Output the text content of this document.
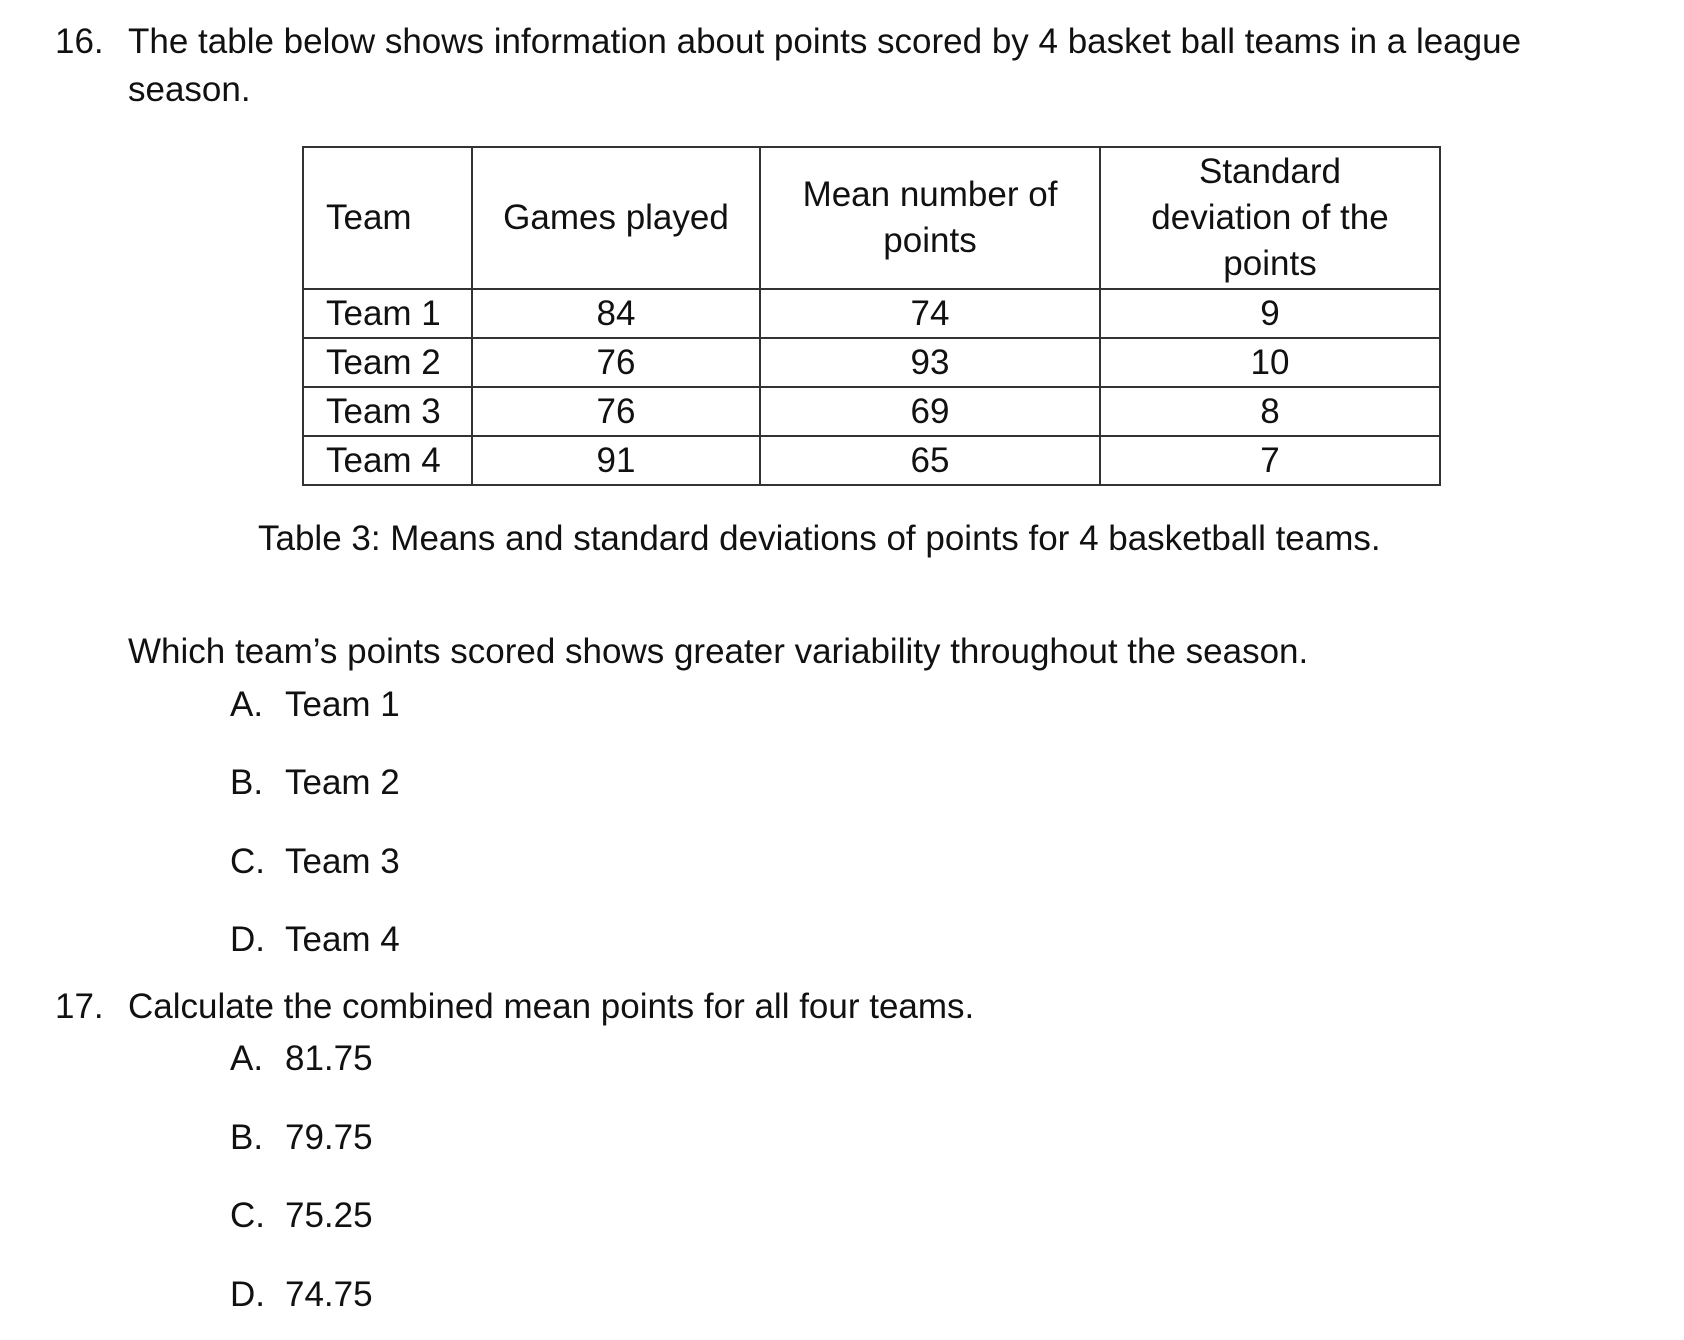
16. The table below shows information about points scored by 4 basket ball teams in a league
season.
Team	Games played	Mean number of points	Standard deviation of the points

Team 1	84	74	9
Team 2	76	93	10
Team 3	76	69	8
Team 4	91	65	7
Table 3: Means and standard deviations of points for 4 basketball teams.
Which team’s points scored shows greater variability throughout the season.
A. Team 1
B. Team 2
C. Team 3
D. Team 4
17. Calculate the combined mean points for all four teams.
A. 81.75
B. 79.75
C. 75.25
D. 74.75
